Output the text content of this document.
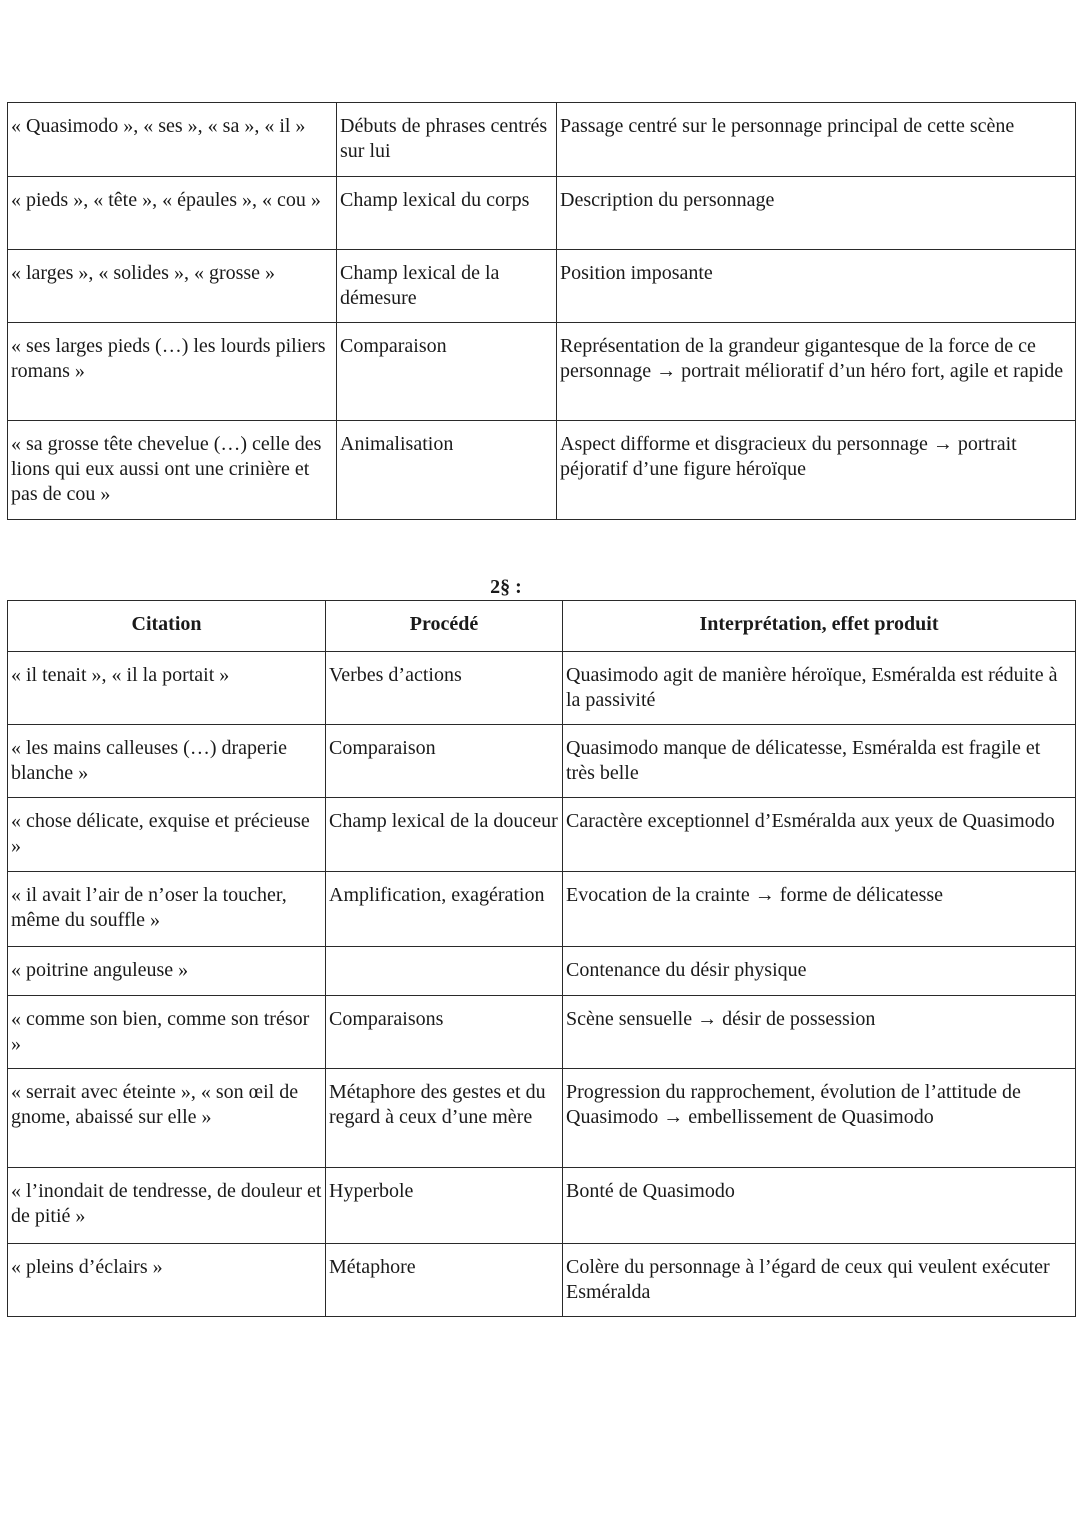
« Quasimodo », « ses », « sa », « il »	Débuts de phrases centrés sur lui	Passage centré sur le personnage principal de cette scène
« pieds », « tête », « épaules », « cou »	Champ lexical du corps	Description du personnage
« larges », « solides », « grosse »	Champ lexical de la démesure	Position imposante
« ses larges pieds (…) les lourds piliers romans »	Comparaison	Représentation de la grandeur gigantesque de la force de ce personnage → portrait mélioratif d’un héro fort, agile et rapide
« sa grosse tête chevelue (…) celle des lions qui eux aussi ont une crinière et pas de cou »	Animalisation	Aspect difforme et disgracieux du personnage → portrait péjoratif d’une figure héroïque
2§ :
Citation	Procédé	Interprétation, effet produit
« il tenait », « il la portait »	Verbes d’actions	Quasimodo agit de manière héroïque, Esméralda est réduite à la passivité
« les mains calleuses (…) draperie blanche »	Comparaison	Quasimodo manque de délicatesse, Esméralda est fragile et très belle
« chose délicate, exquise et précieuse »	Champ lexical de la douceur	Caractère exceptionnel d’Esméralda aux yeux de Quasimodo
« il avait l’air de n’oser la toucher, même du souffle »	Amplification, exagération	Evocation de la crainte → forme de délicatesse
« poitrine anguleuse »		Contenance du désir physique
« comme son bien, comme son trésor »	Comparaisons	Scène sensuelle → désir de possession
« serrait avec éteinte », « son œil de gnome, abaissé sur elle »	Métaphore des gestes et du regard à ceux d’une mère	Progression du rapprochement, évolution de l’attitude de Quasimodo → embellissement de Quasimodo
« l’inondait de tendresse, de douleur et de pitié »	Hyperbole	Bonté de Quasimodo
« pleins d’éclairs »	Métaphore	Colère du personnage à l’égard de ceux qui veulent exécuter Esméralda
